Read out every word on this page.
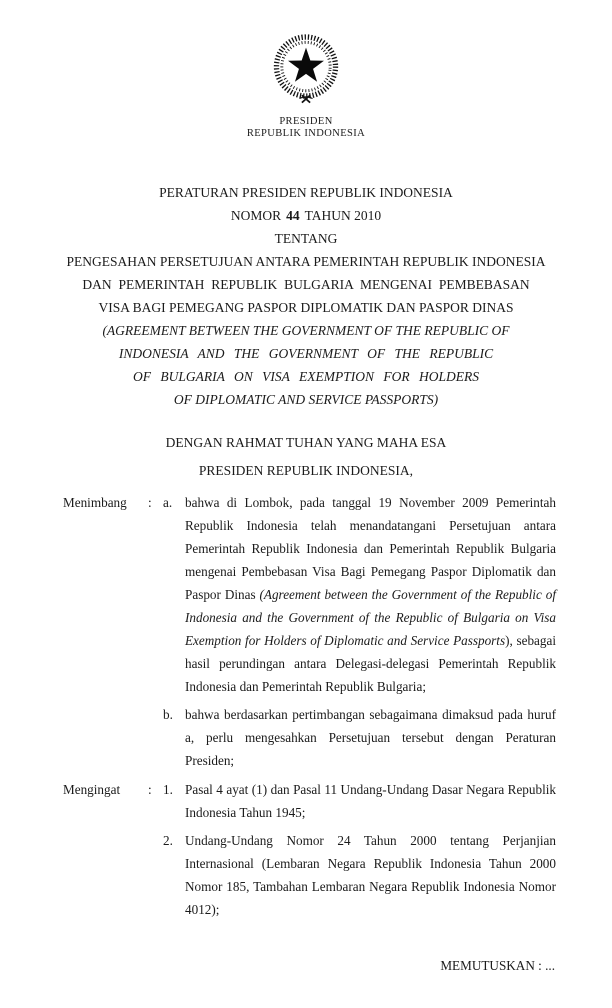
PRESIDEN
REPUBLIK INDONESIA
PERATURAN PRESIDEN REPUBLIK INDONESIA
NOMOR 44 TAHUN 2010
TENTANG
PENGESAHAN PERSETUJUAN ANTARA PEMERINTAH REPUBLIK INDONESIA
DAN PEMERINTAH REPUBLIK BULGARIA MENGENAI PEMBEBASAN
VISA BAGI PEMEGANG PASPOR DIPLOMATIK DAN PASPOR DINAS
(AGREEMENT BETWEEN THE GOVERNMENT OF THE REPUBLIC OF
INDONESIA AND THE GOVERNMENT OF THE REPUBLIC
OF BULGARIA ON VISA EXEMPTION FOR HOLDERS
OF DIPLOMATIC AND SERVICE PASSPORTS)
DENGAN RAHMAT TUHAN YANG MAHA ESA
PRESIDEN REPUBLIK INDONESIA,
Menimbang	: a. bahwa di Lombok, pada tanggal 19 November 2009 Pemerintah Republik Indonesia telah menandatangani Persetujuan antara Pemerintah Republik Indonesia dan Pemerintah Republik Bulgaria mengenai Pembebasan Visa Bagi Pemegang Paspor Diplomatik dan Paspor Dinas (Agreement between the Government of the Republic of Indonesia and the Government of the Republic of Bulgaria on Visa Exemption for Holders of Diplomatic and Service Passports), sebagai hasil perundingan antara Delegasi-delegasi Pemerintah Republik Indonesia dan Pemerintah Republik Bulgaria;
b. bahwa berdasarkan pertimbangan sebagaimana dimaksud pada huruf a, perlu mengesahkan Persetujuan tersebut dengan Peraturan Presiden;
Mengingat	: 1. Pasal 4 ayat (1) dan Pasal 11 Undang-Undang Dasar Negara Republik Indonesia Tahun 1945;
2. Undang-Undang Nomor 24 Tahun 2000 tentang Perjanjian Internasional (Lembaran Negara Republik Indonesia Tahun 2000 Nomor 185, Tambahan Lembaran Negara Republik Indonesia Nomor 4012);
MEMUTUSKAN : ...
